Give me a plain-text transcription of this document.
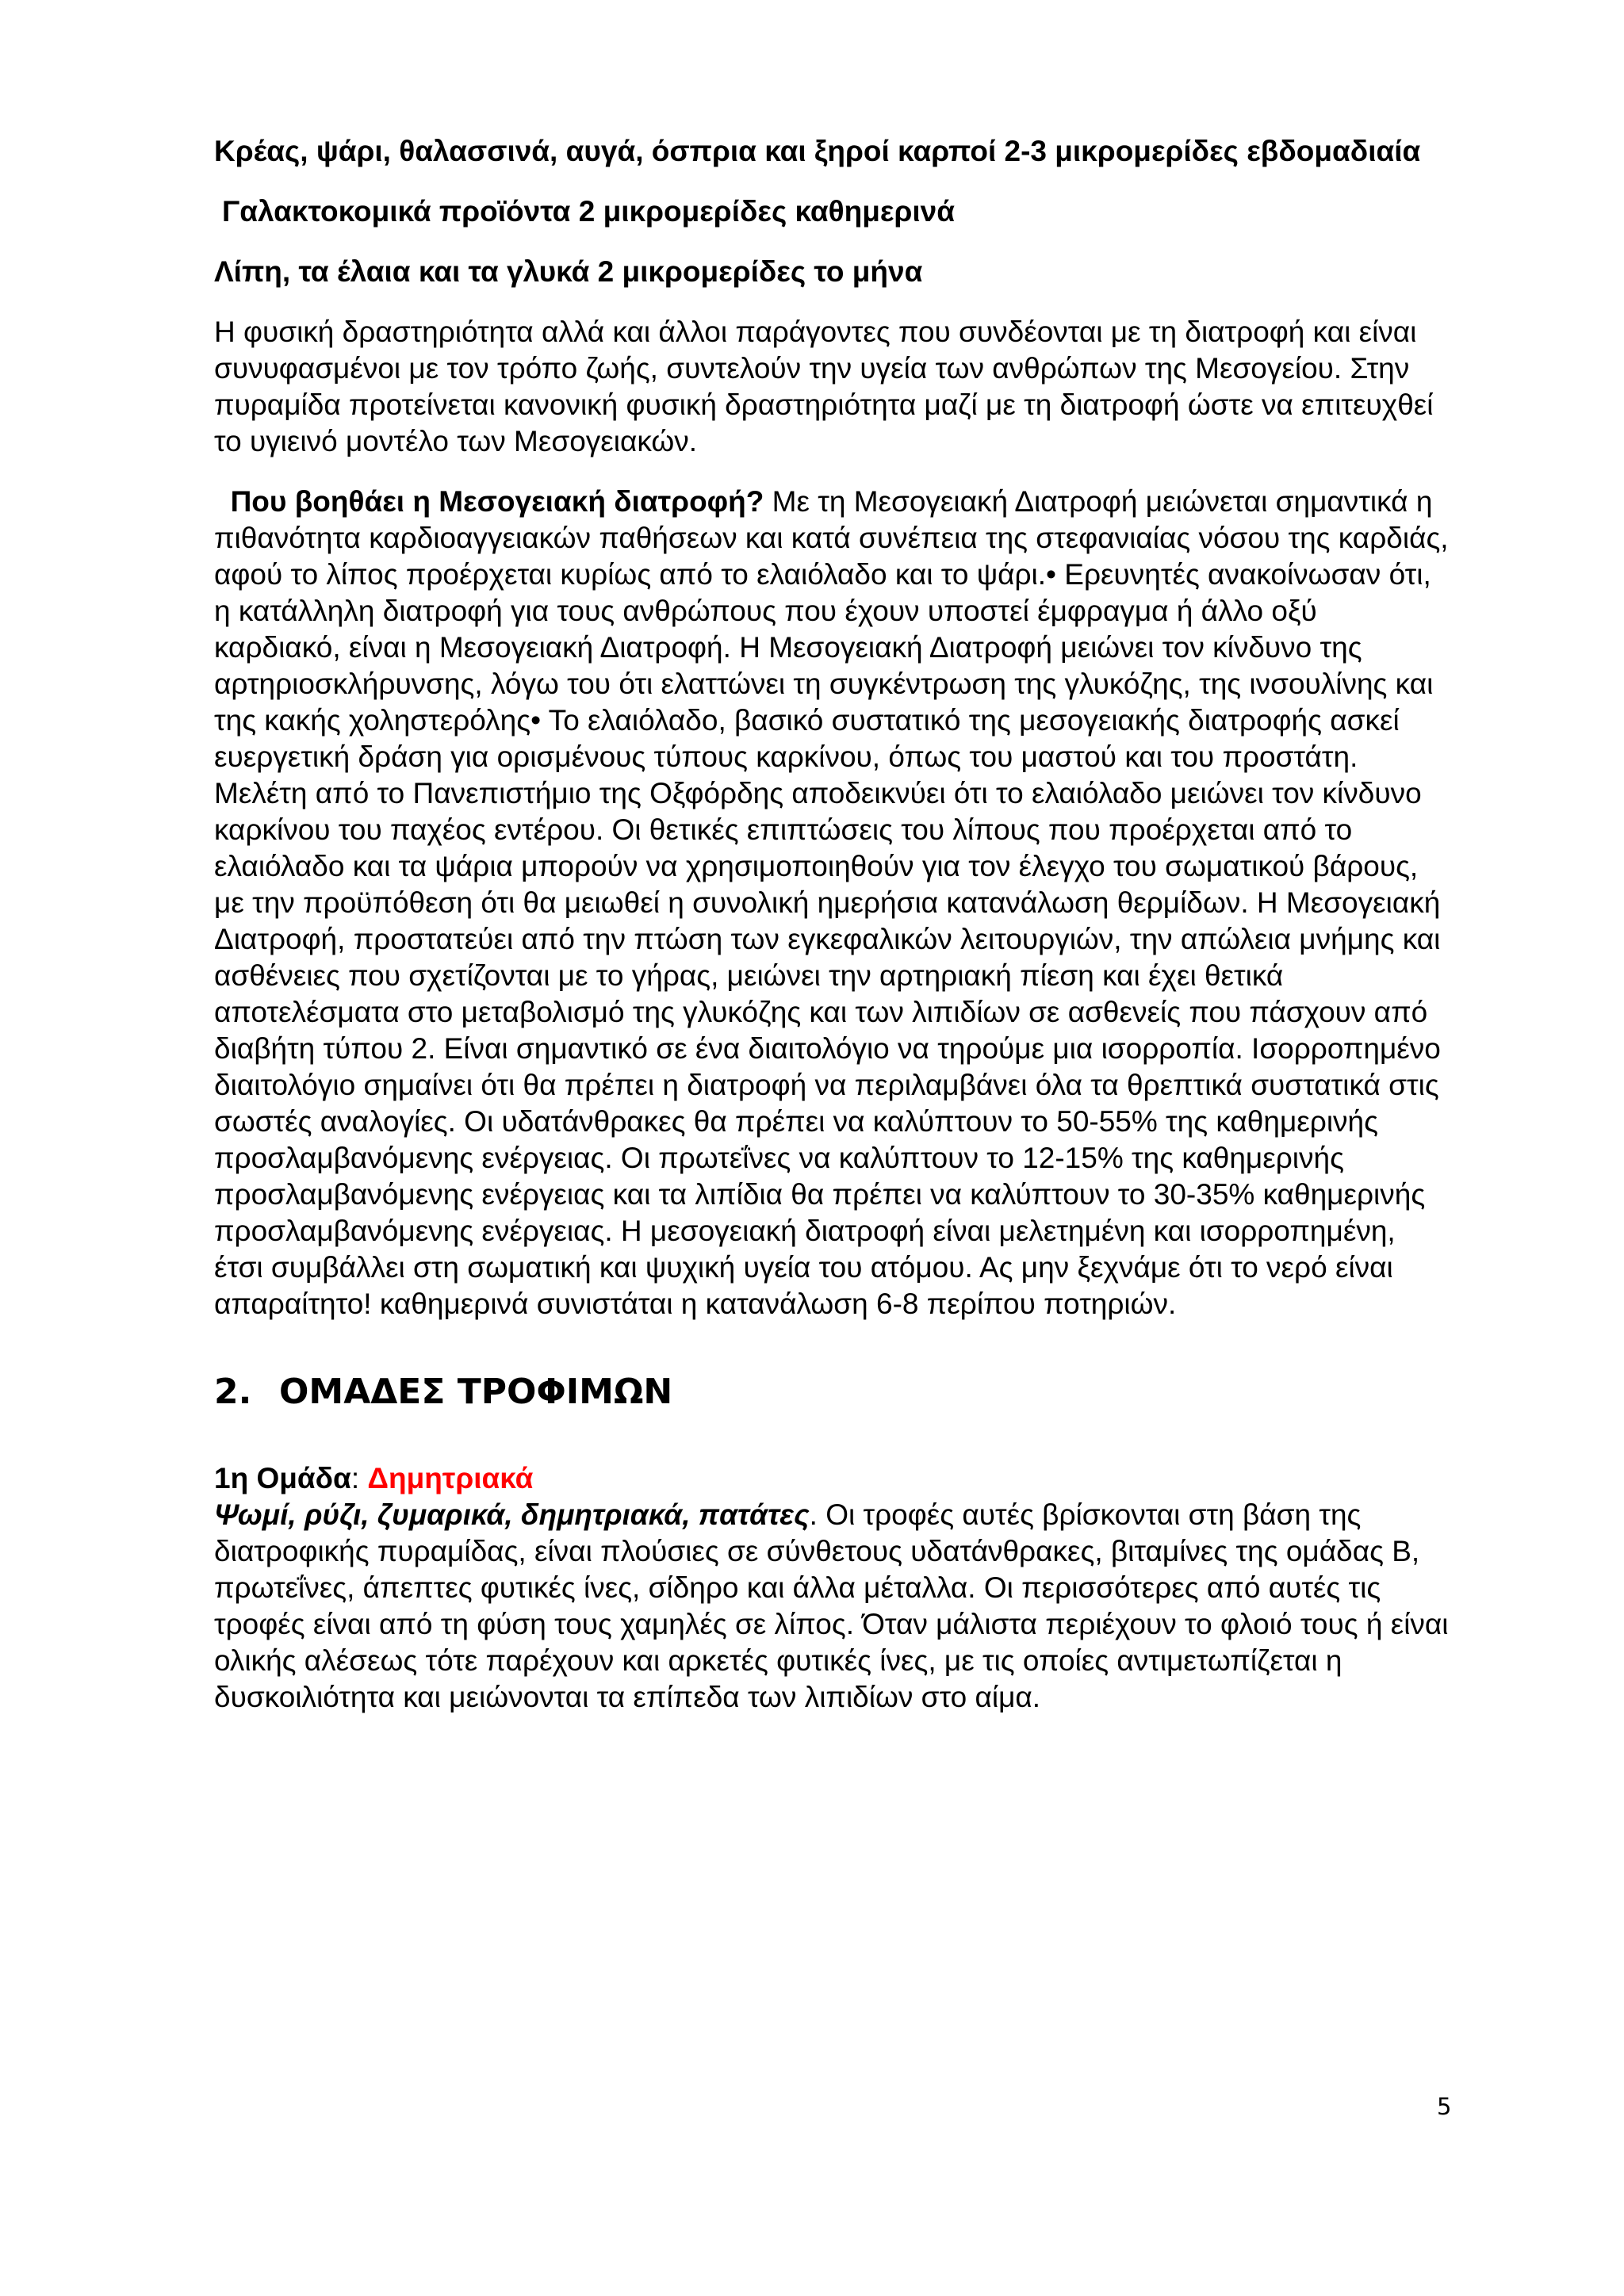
Κρέας, ψάρι, θαλασσινά, αυγά, όσπρια και ξηροί καρποί 2-3 μικρομερίδες εβδομαδιαία

Γαλακτοκομικά προϊόντα 2 μικρομερίδες καθημερινά

Λίπη, τα έλαια και τα γλυκά 2 μικρομερίδες το μήνα

Η φυσική δραστηριότητα αλλά και άλλοι παράγοντες που συνδέονται με τη διατροφή και είναι συνυφασμένοι με τον τρόπο ζωής, συντελούν την υγεία των ανθρώπων της Μεσογείου. Στην πυραμίδα προτείνεται κανονική φυσική δραστηριότητα μαζί με τη διατροφή ώστε να επιτευχθεί το υγιεινό μοντέλο των Μεσογειακών.

Που βοηθάει η Μεσογειακή διατροφή? Με τη Μεσογειακή Διατροφή μειώνεται σημαντικά η πιθανότητα καρδιοαγγειακών παθήσεων και κατά συνέπεια της στεφανιαίας νόσου της καρδιάς, αφού το λίπος προέρχεται κυρίως από το ελαιόλαδο και το ψάρι.• Ερευνητές ανακοίνωσαν ότι, η κατάλληλη διατροφή για τους ανθρώπους που έχουν υποστεί έμφραγμα ή άλλο οξύ καρδιακό, είναι η Μεσογειακή Διατροφή. Η Μεσογειακή Διατροφή μειώνει τον κίνδυνο της αρτηριοσκλήρυνσης, λόγω του ότι ελαττώνει τη συγκέντρωση της γλυκόζης, της ινσουλίνης και της κακής χοληστερόλης• Το ελαιόλαδο, βασικό συστατικό της μεσογειακής διατροφής ασκεί ευεργετική δράση για ορισμένους τύπους καρκίνου, όπως του μαστού και του προστάτη. Μελέτη από το Πανεπιστήμιο της Οξφόρδης αποδεικνύει ότι το ελαιόλαδο μειώνει τον κίνδυνο καρκίνου του παχέος εντέρου. Οι θετικές επιπτώσεις του λίπους που προέρχεται από το ελαιόλαδο και τα ψάρια μπορούν να χρησιμοποιηθούν για τον έλεγχο του σωματικού βάρους, με την προϋπόθεση ότι θα μειωθεί η συνολική ημερήσια κατανάλωση θερμίδων. Η Μεσογειακή Διατροφή, προστατεύει από την πτώση των εγκεφαλικών λειτουργιών, την απώλεια μνήμης και ασθένειες που σχετίζονται με το γήρας, μειώνει την αρτηριακή πίεση και έχει θετικά αποτελέσματα στο μεταβολισμό της γλυκόζης και των λιπιδίων σε ασθενείς που πάσχουν από διαβήτη τύπου 2. Είναι σημαντικό σε ένα διαιτολόγιο να τηρούμε μια ισορροπία. Ισορροπημένο διαιτολόγιο σημαίνει ότι θα πρέπει η διατροφή να περιλαμβάνει όλα τα θρεπτικά συστατικά στις σωστές αναλογίες. Οι υδατάνθρακες θα πρέπει να καλύπτουν το 50-55% της καθημερινής προσλαμβανόμενης ενέργειας. Οι πρωτεΐνες να καλύπτουν το 12-15% της καθημερινής προσλαμβανόμενης ενέργειας και τα λιπίδια θα πρέπει να καλύπτουν το 30-35% καθημερινής προσλαμβανόμενης ενέργειας. Η μεσογειακή διατροφή είναι μελετημένη και ισορροπημένη, έτσι συμβάλλει στη σωματική και ψυχική υγεία του ατόμου. Ας μην ξεχνάμε ότι το νερό είναι απαραίτητο! καθημερινά συνιστάται η κατανάλωση 6-8 περίπου ποτηριών.

2. ΟΜΑΔΕΣ ΤΡΟΦΙΜΩΝ

1η Ομάδα: Δημητριακά

Ψωμί, ρύζι, ζυμαρικά, δημητριακά, πατάτες. Οι τροφές αυτές βρίσκονται στη βάση της διατροφικής πυραμίδας, είναι πλούσιες σε σύνθετους υδατάνθρακες, βιταμίνες της ομάδας Β, πρωτεΐνες, άπεπτες φυτικές ίνες, σίδηρο και άλλα μέταλλα. Οι περισσότερες από αυτές τις τροφές είναι από τη φύση τους χαμηλές σε λίπος. Όταν μάλιστα περιέχουν το φλοιό τους ή είναι ολικής αλέσεως τότε παρέχουν και αρκετές φυτικές ίνες, με τις οποίες αντιμετωπίζεται η δυσκοιλιότητα και μειώνονται τα επίπεδα των λιπιδίων στο αίμα.

5
